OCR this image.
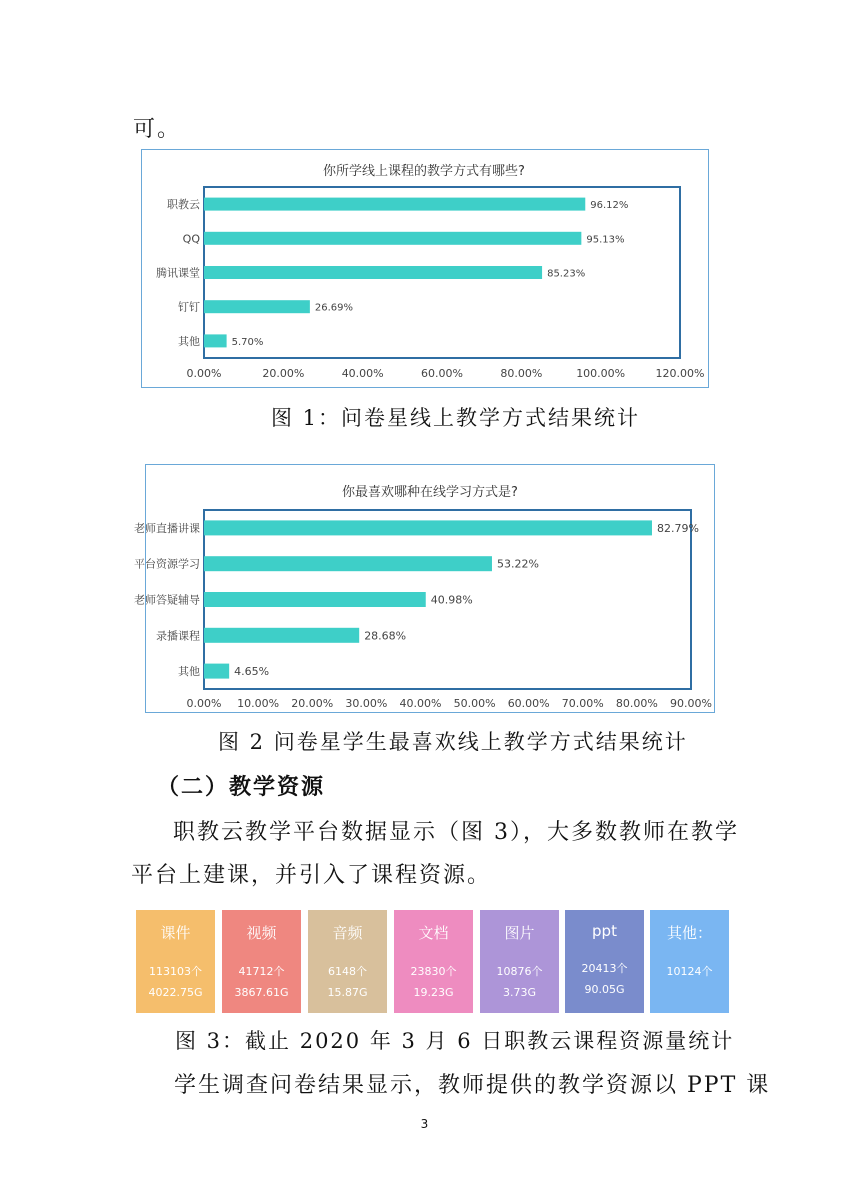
可。
你所学线上课程的教学方式有哪些?
职教云	96.12%
QQ	95.13%
腾讯课堂	85.23%
钉钉	26.69%
其他	5.70%
0.00%	20.00%	40.00%	60.00%	80.00%	100.00%	120.00%
图 1：问卷星线上教学方式结果统计
你最喜欢哪种在线学习方式是?
老师直播讲课	82.79%
平台资源学习	53.22%
老师答疑辅导	40.98%
录播课程	28.68%
其他	4.65%
0.00% 10.00% 20.00% 30.00% 40.00% 50.00% 60.00% 70.00% 80.00% 90.00%
图 2 问卷星学生最喜欢线上教学方式结果统计
（二）教学资源
职教云教学平台数据显示（图 3），大多数教师在教学
平台上建课，并引入了课程资源。
课件
113103个
4022.75G
视频
41712个
3867.61G
音频
6148个
15.87G
文档
23830个
19.23G
图片
10876个
3.73G
ppt
20413个
90.05G
其他：
10124个
图 3：截止 2020 年 3 月 6 日职教云课程资源量统计
学生调查问卷结果显示，教师提供的教学资源以 PPT 课
3
